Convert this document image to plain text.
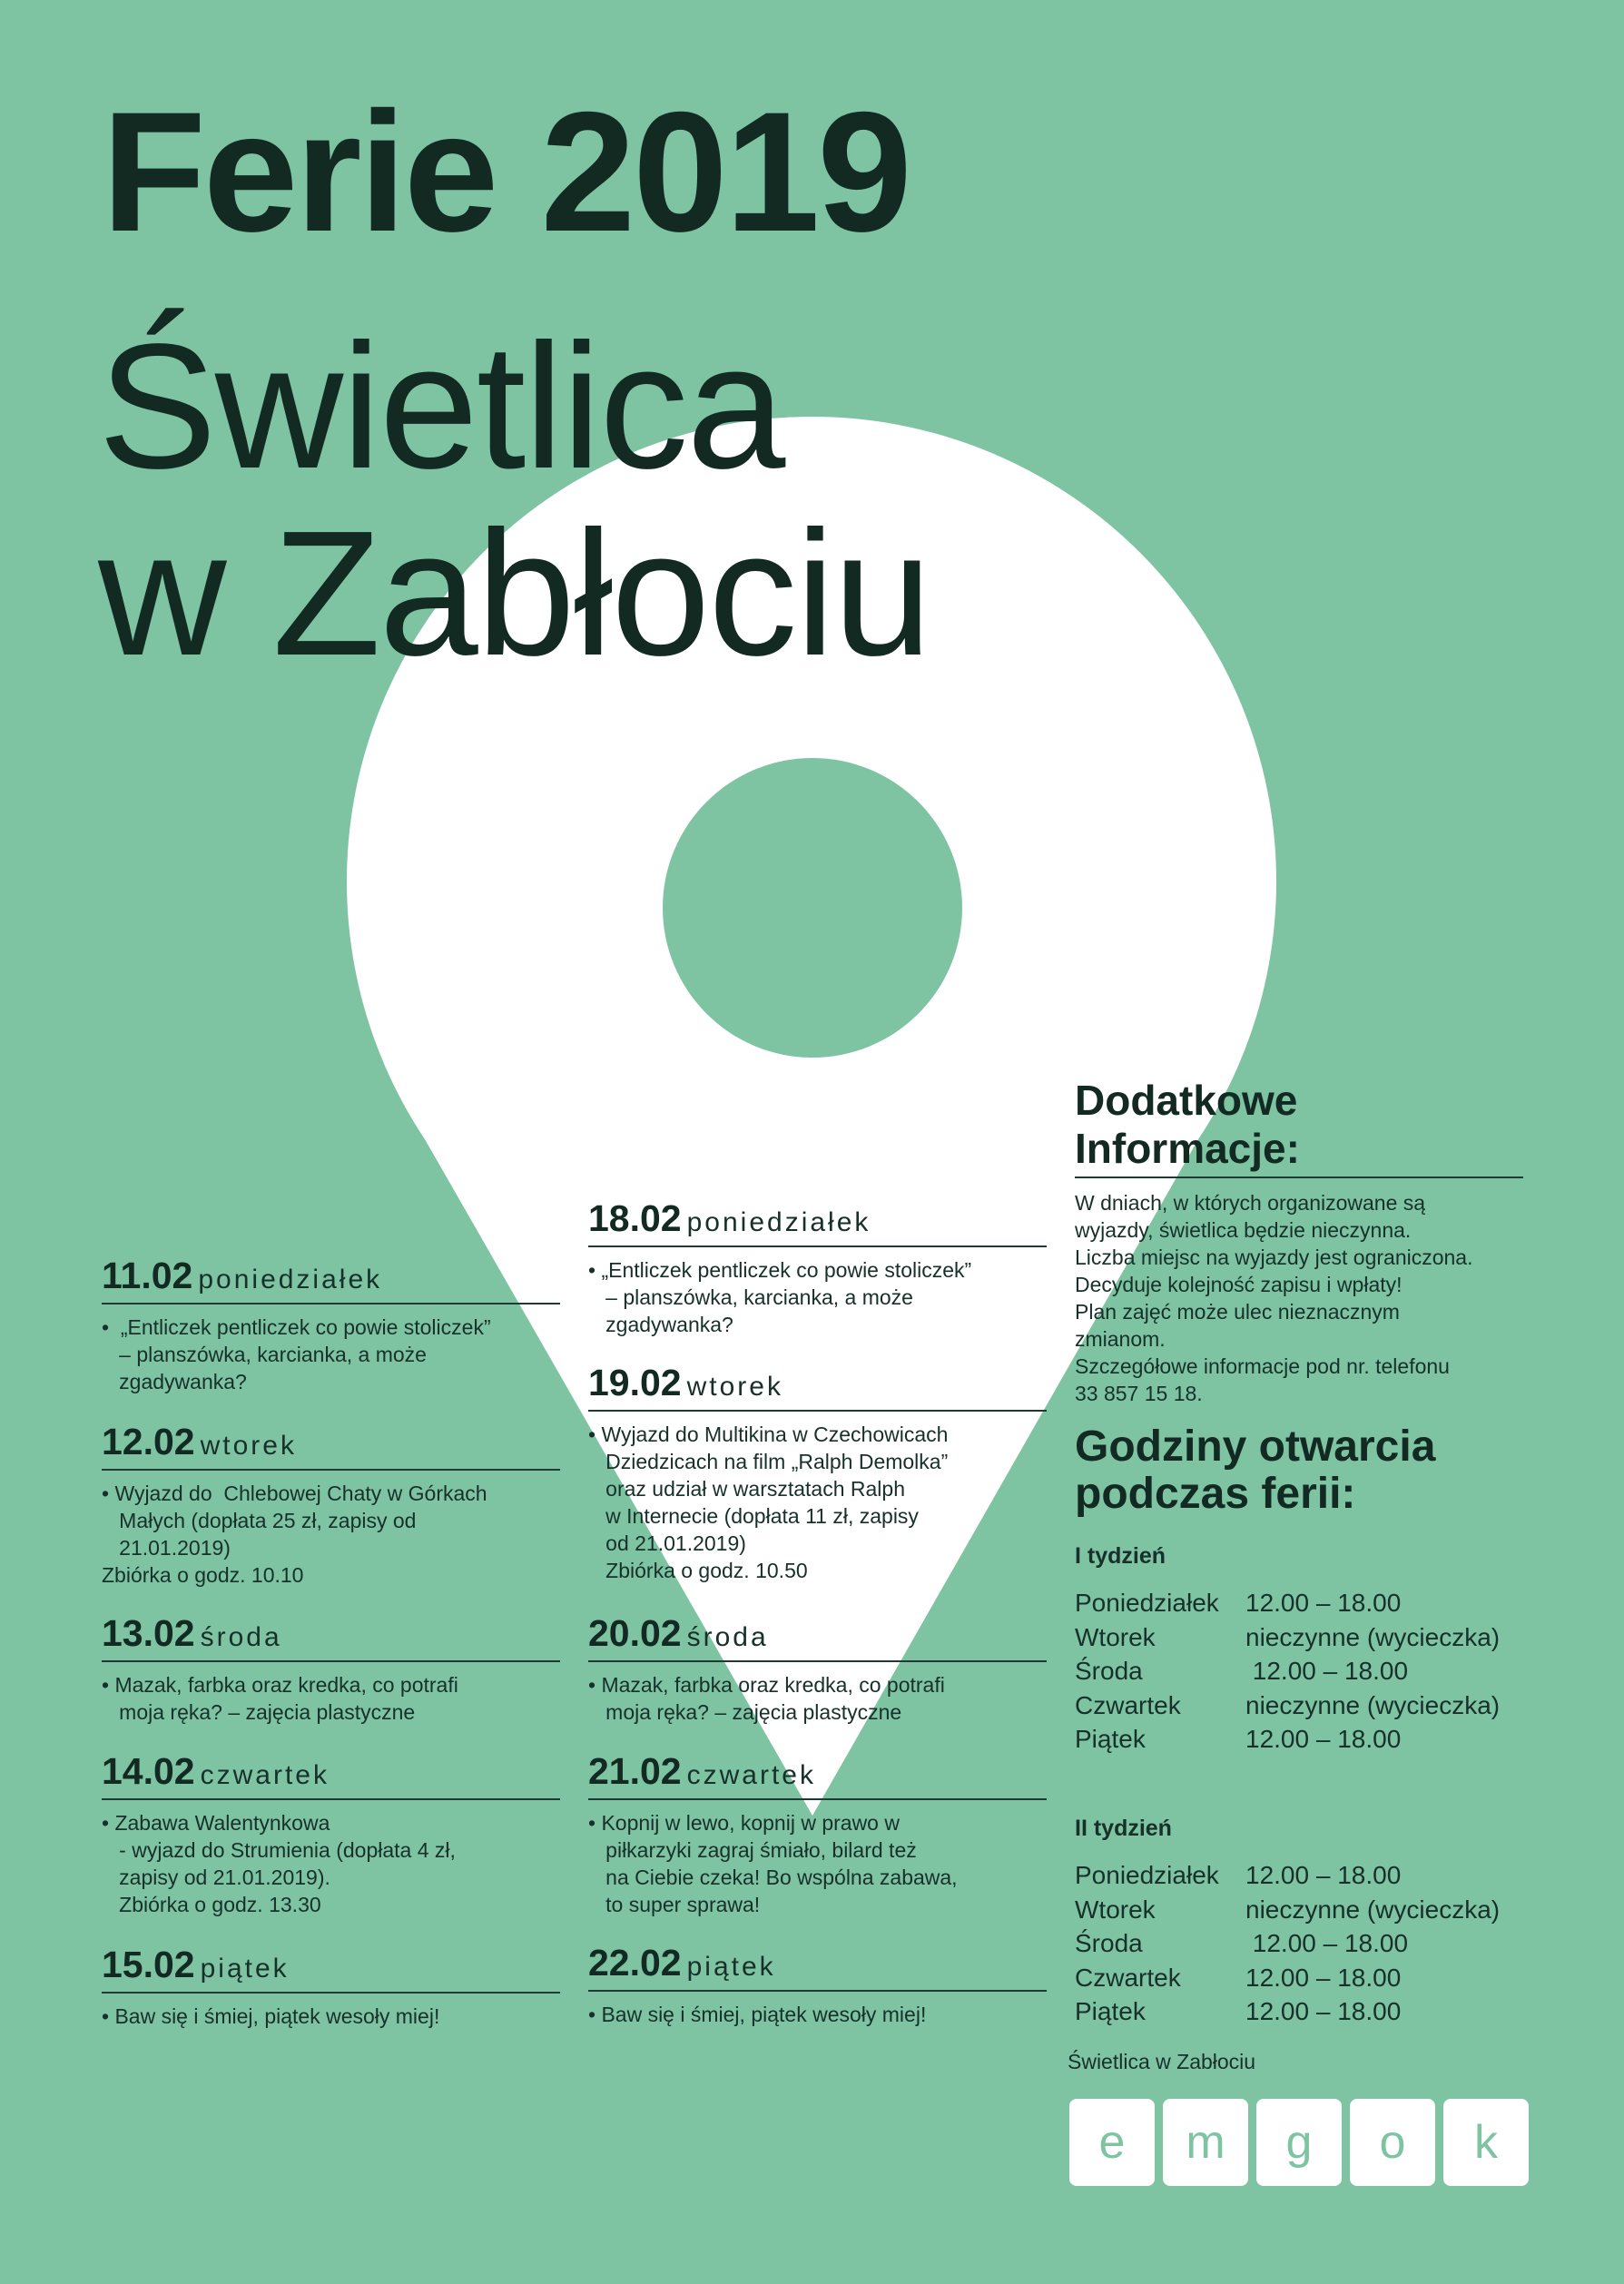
Ferie 2019
Świetlica
w Zabłociu
11.02 poniedziałek
•  „Entliczek pentliczek co powie stoliczek”
– planszówka, karcianka, a może
zgadywanka?
12.02 wtorek
• Wyjazd do  Chlebowej Chaty w Górkach
Małych (dopłata 25 zł, zapisy od
21.01.2019)
Zbiórka o godz. 10.10
13.02 środa
• Mazak, farbka oraz kredka, co potrafi
moja ręka? – zajęcia plastyczne
14.02 czwartek
• Zabawa Walentynkowa
- wyjazd do Strumienia (dopłata 4 zł,
zapisy od 21.01.2019).
Zbiórka o godz. 13.30
15.02 piątek
• Baw się i śmiej, piątek wesoły miej!
18.02 poniedziałek
• „Entliczek pentliczek co powie stoliczek”
– planszówka, karcianka, a może
zgadywanka?
19.02 wtorek
• Wyjazd do Multikina w Czechowicach
Dziedzicach na film „Ralph Demolka”
oraz udział w warsztatach Ralph
w Internecie (dopłata 11 zł, zapisy
od 21.01.2019)
Zbiórka o godz. 10.50
20.02 środa
• Mazak, farbka oraz kredka, co potrafi
moja ręka? – zajęcia plastyczne
21.02 czwartek
• Kopnij w lewo, kopnij w prawo w
piłkarzyki zagraj śmiało, bilard też
na Ciebie czeka! Bo wspólna zabawa,
to super sprawa!
22.02 piątek
• Baw się i śmiej, piątek wesoły miej!
Dodatkowe
Informacje:
W dniach, w których organizowane są
wyjazdy, świetlica będzie nieczynna.
Liczba miejsc na wyjazdy jest ograniczona.
Decyduje kolejność zapisu i wpłaty!
Plan zajęć może ulec nieznacznym
zmianom.
Szczegółowe informacje pod nr. telefonu
33 857 15 18.
Godziny otwarcia
podczas ferii:
I tydzień
Poniedziałek	12.00 – 18.00
Wtorek	nieczynne (wycieczka)
Środa	12.00 – 18.00
Czwartek	nieczynne (wycieczka)
Piątek	12.00 – 18.00
II tydzień
Poniedziałek	12.00 – 18.00
Wtorek	nieczynne (wycieczka)
Środa	12.00 – 18.00
Czwartek	12.00 – 18.00
Piątek	12.00 – 18.00
Świetlica w Zabłociu
e	m	g	o	k
